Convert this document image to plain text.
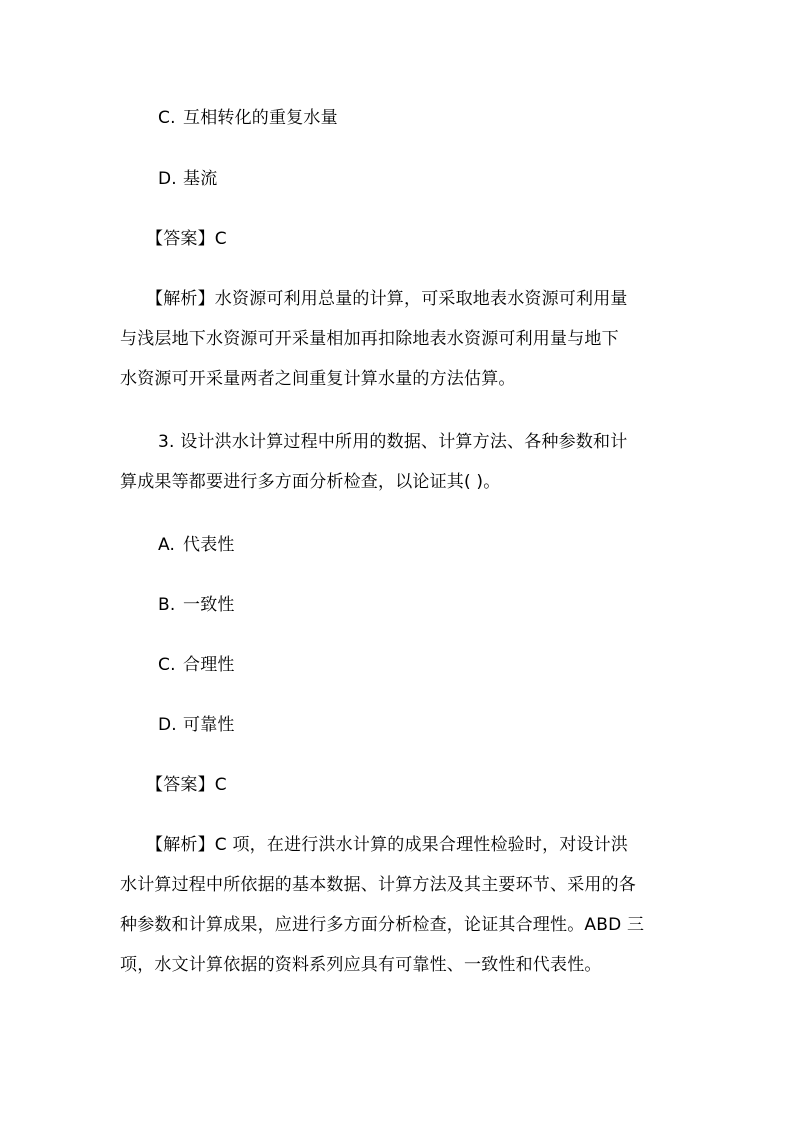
C. 互相转化的重复水量
D. 基流
【答案】C
【解析】水资源可利用总量的计算，可采取地表水资源可利用量
与浅层地下水资源可开采量相加再扣除地表水资源可利用量与地下
水资源可开采量两者之间重复计算水量的方法估算。
3. 设计洪水计算过程中所用的数据、计算方法、各种参数和计
算成果等都要进行多方面分析检查，以论证其( )。
A. 代表性
B. 一致性
C. 合理性
D. 可靠性
【答案】C
【解析】C 项，在进行洪水计算的成果合理性检验时，对设计洪
水计算过程中所依据的基本数据、计算方法及其主要环节、采用的各
种参数和计算成果，应进行多方面分析检查，论证其合理性。ABD 三
项，水文计算依据的资料系列应具有可靠性、一致性和代表性。
